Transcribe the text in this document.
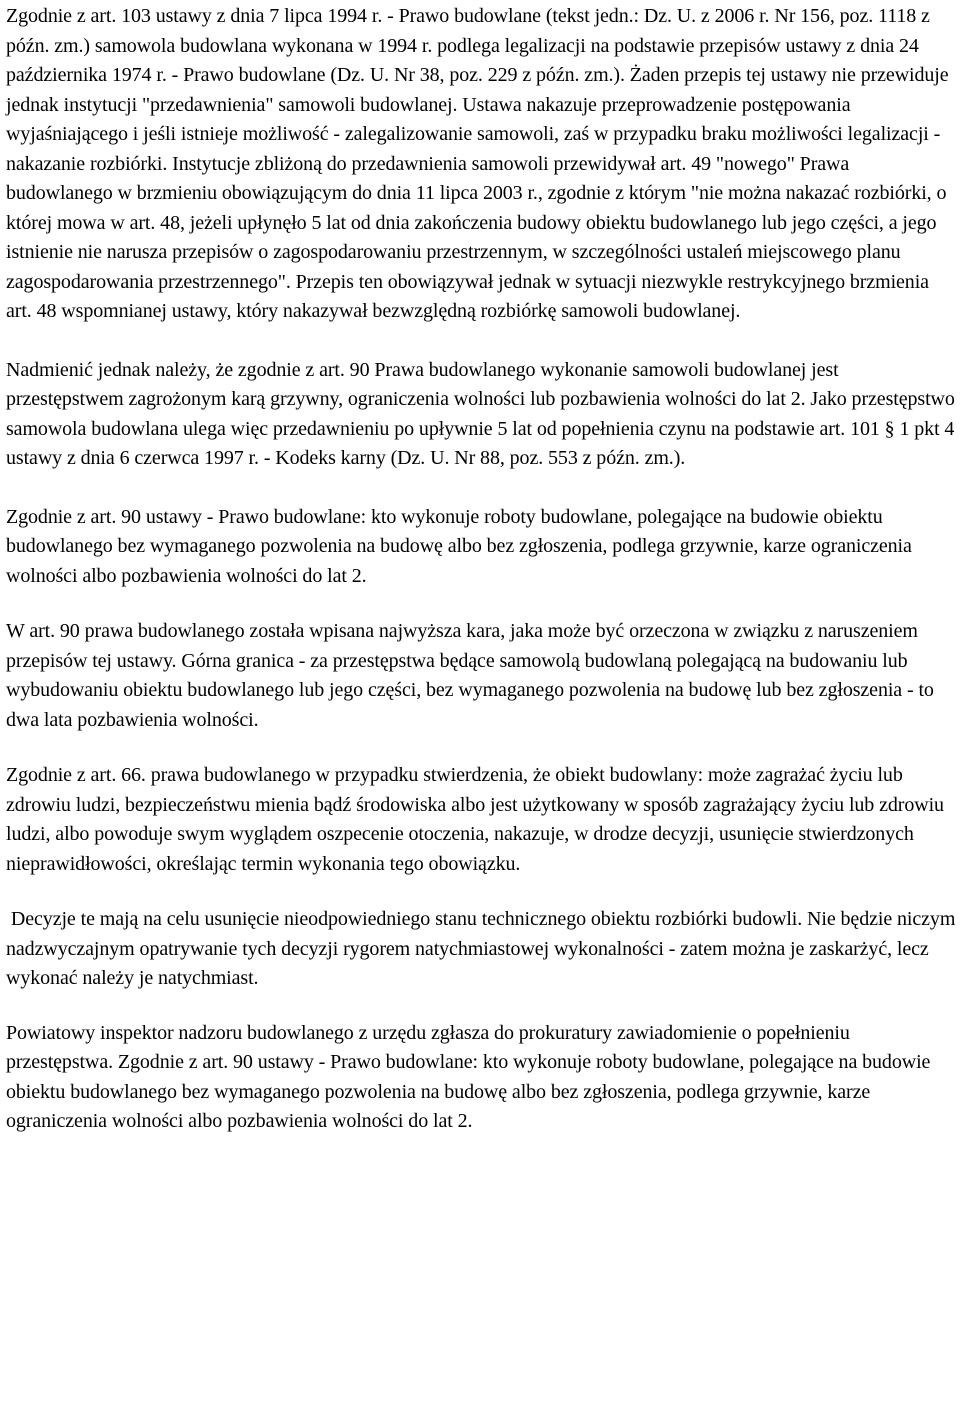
Zgodnie z art. 103 ustawy z dnia 7 lipca 1994 r. - Prawo budowlane (tekst jedn.: Dz. U. z 2006 r. Nr 156, poz. 1118 z późn. zm.) samowola budowlana wykonana w 1994 r. podlega legalizacji na podstawie przepisów ustawy z dnia 24 października 1974 r. - Prawo budowlane (Dz. U. Nr 38, poz. 229 z późn. zm.). Żaden przepis tej ustawy nie przewiduje jednak instytucji "przedawnienia" samowoli budowlanej. Ustawa nakazuje przeprowadzenie postępowania wyjaśniającego i jeśli istnieje możliwość - zalegalizowanie samowoli, zaś w przypadku braku możliwości legalizacji - nakazanie rozbiórki. Instytucje zbliżoną do przedawnienia samowoli przewidywał art. 49 "nowego" Prawa budowlanego w brzmieniu obowiązującym do dnia 11 lipca 2003 r., zgodnie z którym "nie można nakazać rozbiórki, o której mowa w art. 48, jeżeli upłynęło 5 lat od dnia zakończenia budowy obiektu budowlanego lub jego części, a jego istnienie nie narusza przepisów o zagospodarowaniu przestrzennym, w szczególności ustaleń miejscowego planu zagospodarowania przestrzennego". Przepis ten obowiązywał jednak w sytuacji niezwykle restrykcyjnego brzmienia art. 48 wspomnianej ustawy, który nakazywał bezwzględną rozbiórkę samowoli budowlanej.

Nadmienić jednak należy, że zgodnie z art. 90 Prawa budowlanego wykonanie samowoli budowlanej jest przestępstwem zagrożonym karą grzywny, ograniczenia wolności lub pozbawienia wolności do lat 2. Jako przestępstwo samowola budowlana ulega więc przedawnieniu po upływnie 5 lat od popełnienia czynu na podstawie art. 101 § 1 pkt 4 ustawy z dnia 6 czerwca 1997 r. - Kodeks karny (Dz. U. Nr 88, poz. 553 z późn. zm.).

Zgodnie z art. 90 ustawy - Prawo budowlane: kto wykonuje roboty budowlane, polegające na budowie obiektu budowlanego bez wymaganego pozwolenia na budowę albo bez zgłoszenia, podlega grzywnie, karze ograniczenia wolności albo pozbawienia wolności do lat 2.

W art. 90 prawa budowlanego została wpisana najwyższa kara, jaka może być orzeczona w związku z naruszeniem przepisów tej ustawy. Górna granica - za przestępstwa będące samowolą budowlaną polegającą na budowaniu lub wybudowaniu obiektu budowlanego lub jego części, bez wymaganego pozwolenia na budowę lub bez zgłoszenia - to dwa lata pozbawienia wolności.

Zgodnie z art. 66. prawa budowlanego w przypadku stwierdzenia, że obiekt budowlany: może zagrażać życiu lub zdrowiu ludzi, bezpieczeństwu mienia bądź środowiska albo jest użytkowany w sposób zagrażający życiu lub zdrowiu ludzi, albo powoduje swym wyglądem oszpecenie otoczenia, nakazuje, w drodze decyzji, usunięcie stwierdzonych nieprawidłowości, określając termin wykonania tego obowiązku.

Decyzje te mają na celu usunięcie nieodpowiedniego stanu technicznego obiektu rozbiórki budowli. Nie będzie niczym nadzwyczajnym opatrywanie tych decyzji rygorem natychmiastowej wykonalności - zatem można je zaskarżyć, lecz wykonać należy je natychmiast.

Powiatowy inspektor nadzoru budowlanego z urzędu zgłasza do prokuratury zawiadomienie o popełnieniu przestępstwa. Zgodnie z art. 90 ustawy - Prawo budowlane: kto wykonuje roboty budowlane, polegające na budowie obiektu budowlanego bez wymaganego pozwolenia na budowę albo bez zgłoszenia, podlega grzywnie, karze ograniczenia wolności albo pozbawienia wolności do lat 2.
